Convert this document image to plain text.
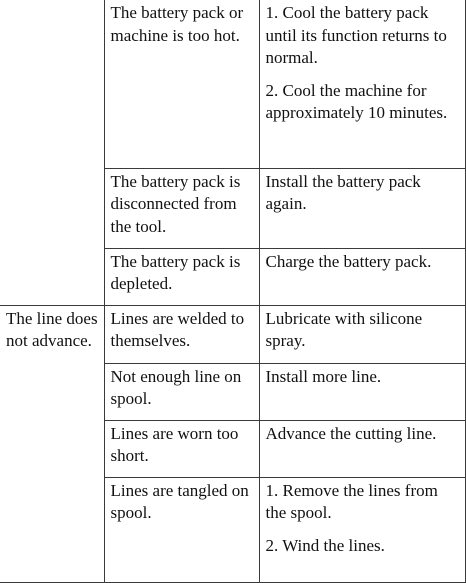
	The battery pack or machine is too hot.	1. Cool the battery pack until its function returns to normal.
2. Cool the machine for approximately 10 minutes.

	The battery pack is disconnected from the tool.	Install the battery pack again.

	The battery pack is depleted.	Charge the battery pack.

The line does not advance.	Lines are welded to themselves.	Lubricate with silicone spray.

	Not enough line on spool.	Install more line.

	Lines are worn too short.	Advance the cutting line.

	Lines are tangled on spool.	1. Remove the lines from the spool.
2. Wind the lines.
